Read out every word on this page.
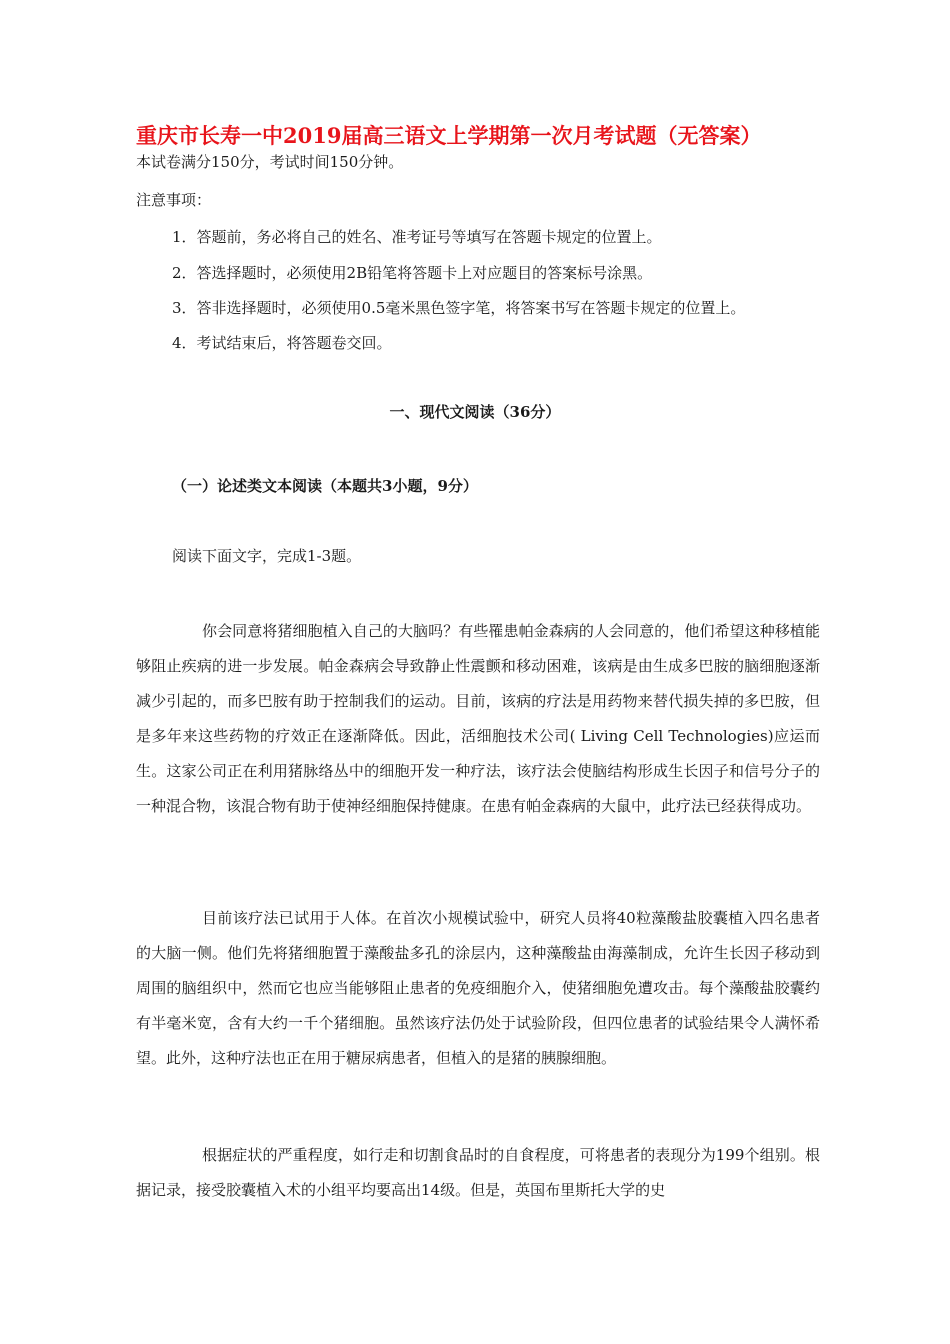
重庆市长寿一中2019届高三语文上学期第一次月考试题（无答案）
本试卷满分150分，考试时间150分钟。
注意事项：
1．答题前，务必将自己的姓名、准考证号等填写在答题卡规定的位置上。
2．答选择题时，必须使用2B铅笔将答题卡上对应题目的答案标号涂黑。
3．答非选择题时，必须使用0.5毫米黑色签字笔，将答案书写在答题卡规定的位置上。
4．考试结束后，将答题卷交回。
一、现代文阅读（36分）
（一）论述类文本阅读（本题共3小题，9分）
阅读下面文字，完成1-3题。
你会同意将猪细胞植入自己的大脑吗？有些罹患帕金森病的人会同意的，他们希望这种移植能够阻止疾病的进一步发展。帕金森病会导致静止性震颤和移动困难，该病是由生成多巴胺的脑细胞逐渐减少引起的，而多巴胺有助于控制我们的运动。目前，该病的疗法是用药物来替代损失掉的多巴胺，但是多年来这些药物的疗效正在逐渐降低。因此，活细胞技术公司( Living Cell Technologies)应运而生。这家公司正在利用猪脉络丛中的细胞开发一种疗法，该疗法会使脑结构形成生长因子和信号分子的一种混合物，该混合物有助于使神经细胞保持健康。在患有帕金森病的大鼠中，此疗法已经获得成功。
目前该疗法已试用于人体。在首次小规模试验中，研究人员将40粒藻酸盐胶囊植入四名患者的大脑一侧。他们先将猪细胞置于藻酸盐多孔的涂层内，这种藻酸盐由海藻制成，允许生长因子移动到周围的脑组织中，然而它也应当能够阻止患者的免疫细胞介入，使猪细胞免遭攻击。每个藻酸盐胶囊约有半毫米宽，含有大约一千个猪细胞。虽然该疗法仍处于试验阶段，但四位患者的试验结果令人满怀希望。此外，这种疗法也正在用于糖尿病患者，但植入的是猪的胰腺细胞。
根据症状的严重程度，如行走和切割食品时的自食程度，可将患者的表现分为199个组别。根据记录，接受胶囊植入术的小组平均要高出14级。但是，英国布里斯托大学的史
